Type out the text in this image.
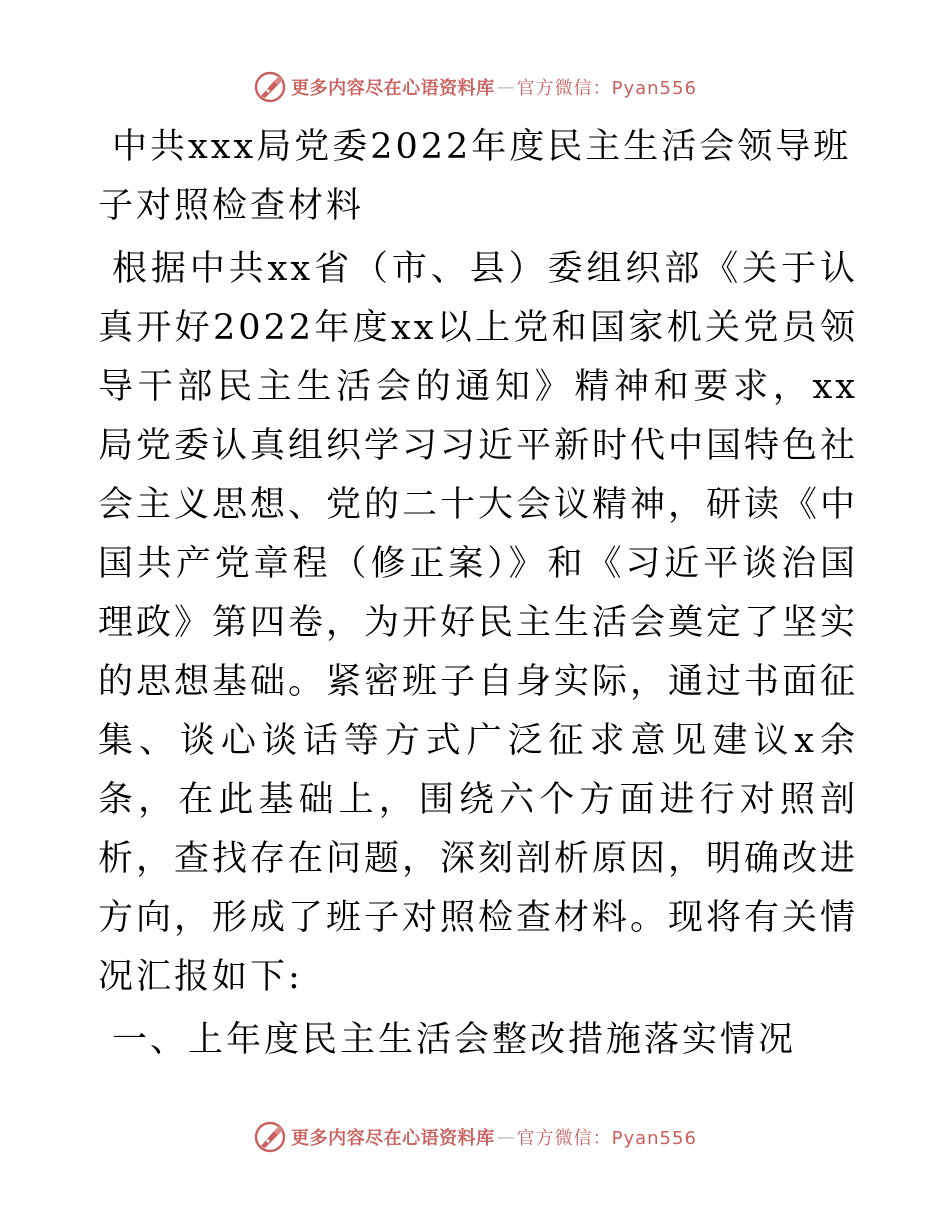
更多内容尽在心语资料库 — 官方微信：Pyan556
中共xxx局党委2022年度民主生活会领导班子对照检查材料

根据中共xx省（市、县）委组织部《关于认真开好2022年度xx以上党和国家机关党员领导干部民主生活会的通知》精神和要求，xx局党委认真组织学习习近平新时代中国特色社会主义思想、党的二十大会议精神，研读《中国共产党章程（修正案）》和《习近平谈治国理政》第四卷，为开好民主生活会奠定了坚实的思想基础。紧密班子自身实际，通过书面征集、谈心谈话等方式广泛征求意见建议x余条，在此基础上，围绕六个方面进行对照剖析，查找存在问题，深刻剖析原因，明确改进方向，形成了班子对照检查材料。现将有关情况汇报如下:

一、上年度民主生活会整改措施落实情况
更多内容尽在心语资料库 — 官方微信：Pyan556
